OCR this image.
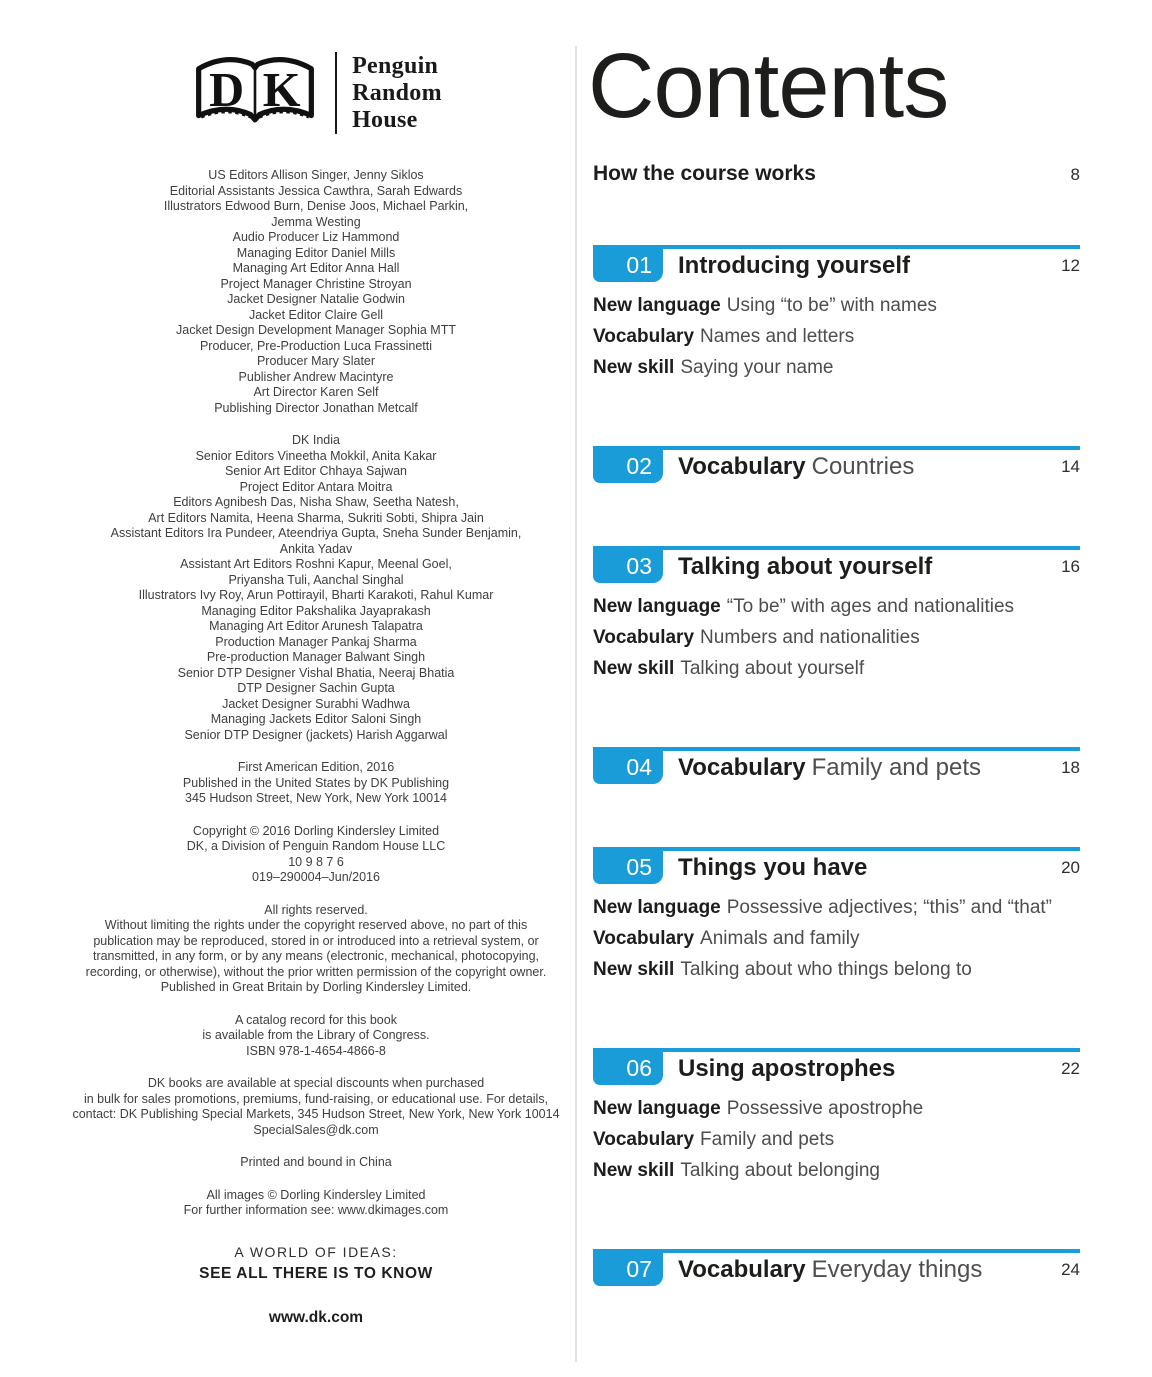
D K Penguin
Random
House
US Editors Allison Singer, Jenny Siklos
Editorial Assistants Jessica Cawthra, Sarah Edwards
Illustrators Edwood Burn, Denise Joos, Michael Parkin,
Jemma Westing
Audio Producer Liz Hammond
Managing Editor Daniel Mills
Managing Art Editor Anna Hall
Project Manager Christine Stroyan
Jacket Designer Natalie Godwin
Jacket Editor Claire Gell
Jacket Design Development Manager Sophia MTT
Producer, Pre-Production Luca Frassinetti
Producer Mary Slater
Publisher Andrew Macintyre
Art Director Karen Self
Publishing Director Jonathan Metcalf
DK India
Senior Editors Vineetha Mokkil, Anita Kakar
Senior Art Editor Chhaya Sajwan
Project Editor Antara Moitra
Editors Agnibesh Das, Nisha Shaw, Seetha Natesh,
Art Editors Namita, Heena Sharma, Sukriti Sobti, Shipra Jain
Assistant Editors Ira Pundeer, Ateendriya Gupta, Sneha Sunder Benjamin,
Ankita Yadav
Assistant Art Editors Roshni Kapur, Meenal Goel,
Priyansha Tuli, Aanchal Singhal
Illustrators Ivy Roy, Arun Pottirayil, Bharti Karakoti, Rahul Kumar
Managing Editor Pakshalika Jayaprakash
Managing Art Editor Arunesh Talapatra
Production Manager Pankaj Sharma
Pre-production Manager Balwant Singh
Senior DTP Designer Vishal Bhatia, Neeraj Bhatia
DTP Designer Sachin Gupta
Jacket Designer Surabhi Wadhwa
Managing Jackets Editor Saloni Singh
Senior DTP Designer (jackets) Harish Aggarwal
First American Edition, 2016
Published in the United States by DK Publishing
345 Hudson Street, New York, New York 10014
Copyright © 2016 Dorling Kindersley Limited
DK, a Division of Penguin Random House LLC
10 9 8 7 6
019–290004–Jun/2016
All rights reserved.
Without limiting the rights under the copyright reserved above, no part of this
publication may be reproduced, stored in or introduced into a retrieval system, or
transmitted, in any form, or by any means (electronic, mechanical, photocopying,
recording, or otherwise), without the prior written permission of the copyright owner.
Published in Great Britain by Dorling Kindersley Limited.
A catalog record for this book
is available from the Library of Congress.
ISBN 978-1-4654-4866-8
DK books are available at special discounts when purchased
in bulk for sales promotions, premiums, fund-raising, or educational use. For details,
contact: DK Publishing Special Markets, 345 Hudson Street, New York, New York 10014
SpecialSales@dk.com
Printed and bound in China
All images © Dorling Kindersley Limited
For further information see: www.dkimages.com
A WORLD OF IDEAS:
SEE ALL THERE IS TO KNOW
www.dk.com
Contents
How the course works	8
01	Introducing yourself	12
New language Using “to be” with names
Vocabulary Names and letters
New skill Saying your name
02	Vocabulary Countries	14
03	Talking about yourself	16
New language “To be” with ages and nationalities
Vocabulary Numbers and nationalities
New skill Talking about yourself
04	Vocabulary Family and pets	18
05	Things you have	20
New language Possessive adjectives; “this” and “that”
Vocabulary Animals and family
New skill Talking about who things belong to
06	Using apostrophes	22
New language Possessive apostrophe
Vocabulary Family and pets
New skill Talking about belonging
07	Vocabulary Everyday things	24
